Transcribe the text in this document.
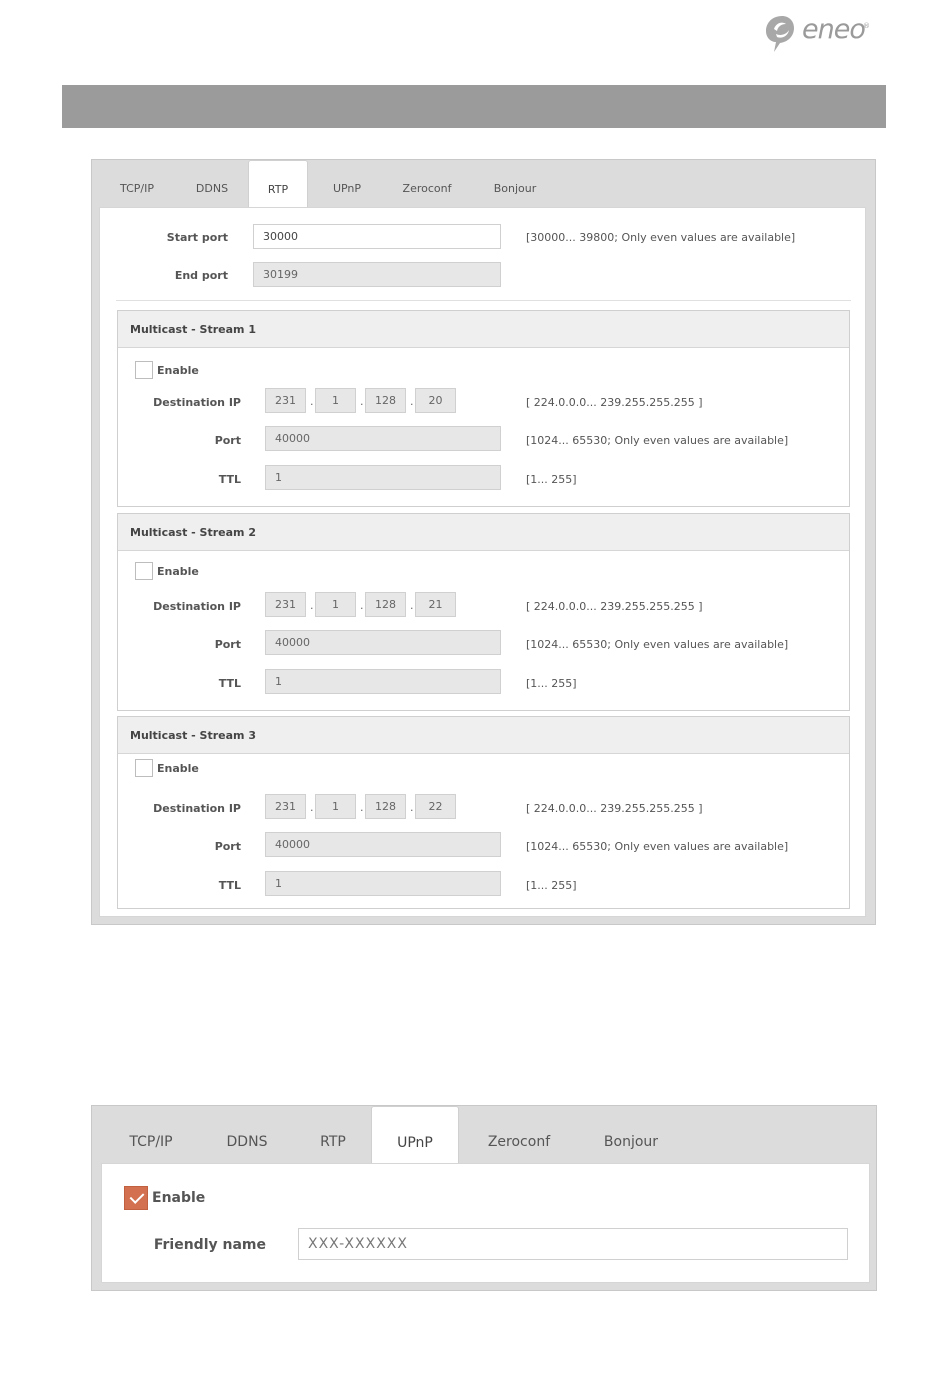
eneo
®
TCP/IP	DDNS	RTP	UPnP	Zeroconf	Bonjour
Start port	30000	[30000... 39800; Only even values are available]
End port	30199
Multicast - Stream 1
Enable
Destination IP	231	.	1	.	128	.	20	[ 224.0.0.0... 239.255.255.255 ]
Port	40000	[1024... 65530; Only even values are available]
TTL	1	[1... 255]
Multicast - Stream 2
Enable
Destination IP	231	.	1	.	128	.	21	[ 224.0.0.0... 239.255.255.255 ]
Port	40000	[1024... 65530; Only even values are available]
TTL	1	[1... 255]
Multicast - Stream 3
Enable
Destination IP	231	.	1	.	128	.	22	[ 224.0.0.0... 239.255.255.255 ]
Port	40000	[1024... 65530; Only even values are available]
TTL	1	[1... 255]
TCP/IP	DDNS	RTP	UPnP	Zeroconf	Bonjour
Enable
Friendly name	XXX-XXXXXX
